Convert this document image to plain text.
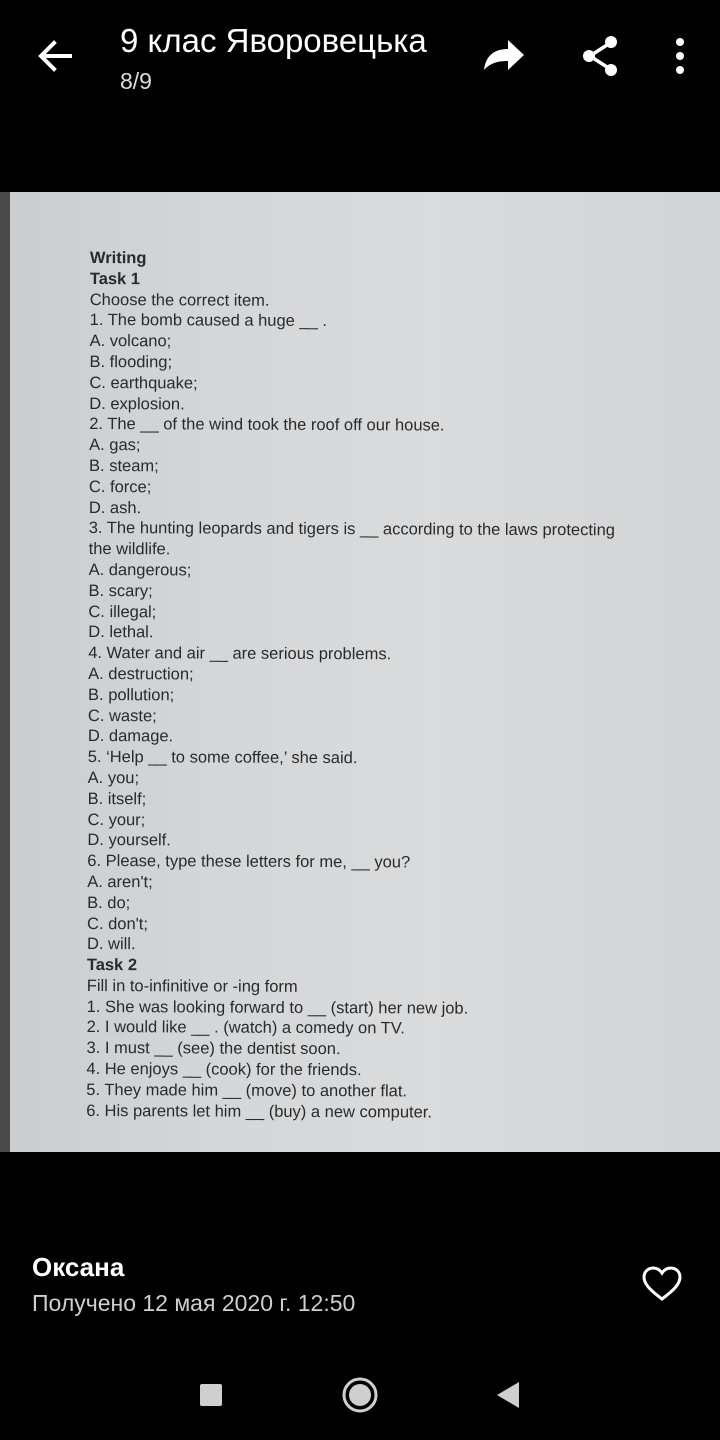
9 клас Яворовецька
8/9
Writing
Task 1
Choose the correct item.
1. The bomb caused a huge __ .
A. volcano;
B. flooding;
C. earthquake;
D. explosion.
2. The __ of the wind took the roof off our house.
A. gas;
B. steam;
C. force;
D. ash.
3. The hunting leopards and tigers is __ according to the laws protecting
the wildlife.
A. dangerous;
B. scary;
C. illegal;
D. lethal.
4. Water and air __ are serious problems.
A. destruction;
B. pollution;
C. waste;
D. damage.
5. ‘Help __ to some coffee,’ she said.
A. you;
B. itself;
C. your;
D. yourself.
6. Please, type these letters for me, __ you?
A. aren't;
B. do;
C. don't;
D. will.
Task 2
Fill in to-infinitive or -ing form
1. She was looking forward to __ (start) her new job.
2. I would like __ . (watch) a comedy on TV.
3. I must __ (see) the dentist soon.
4. He enjoys __ (cook) for the friends.
5. They made him __ (move) to another flat.
6. His parents let him __ (buy) a new computer.
Оксана
Получено 12 мая 2020 г. 12:50
